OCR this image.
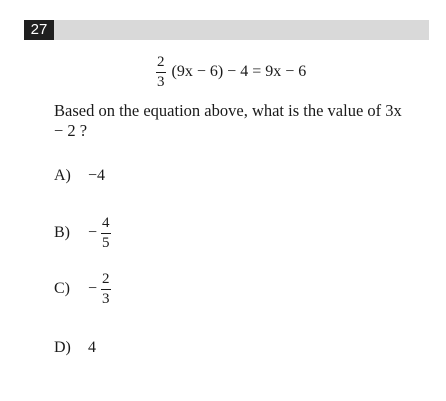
27
$\frac{2}{3} (9x - 6) - 4 = 9x - 6$
Based on the equation above, what is the value of 3x − 2 ?
A)	−4
B)	− $\frac{4}{5}$
C)	− $\frac{2}{3}$
D)	4
